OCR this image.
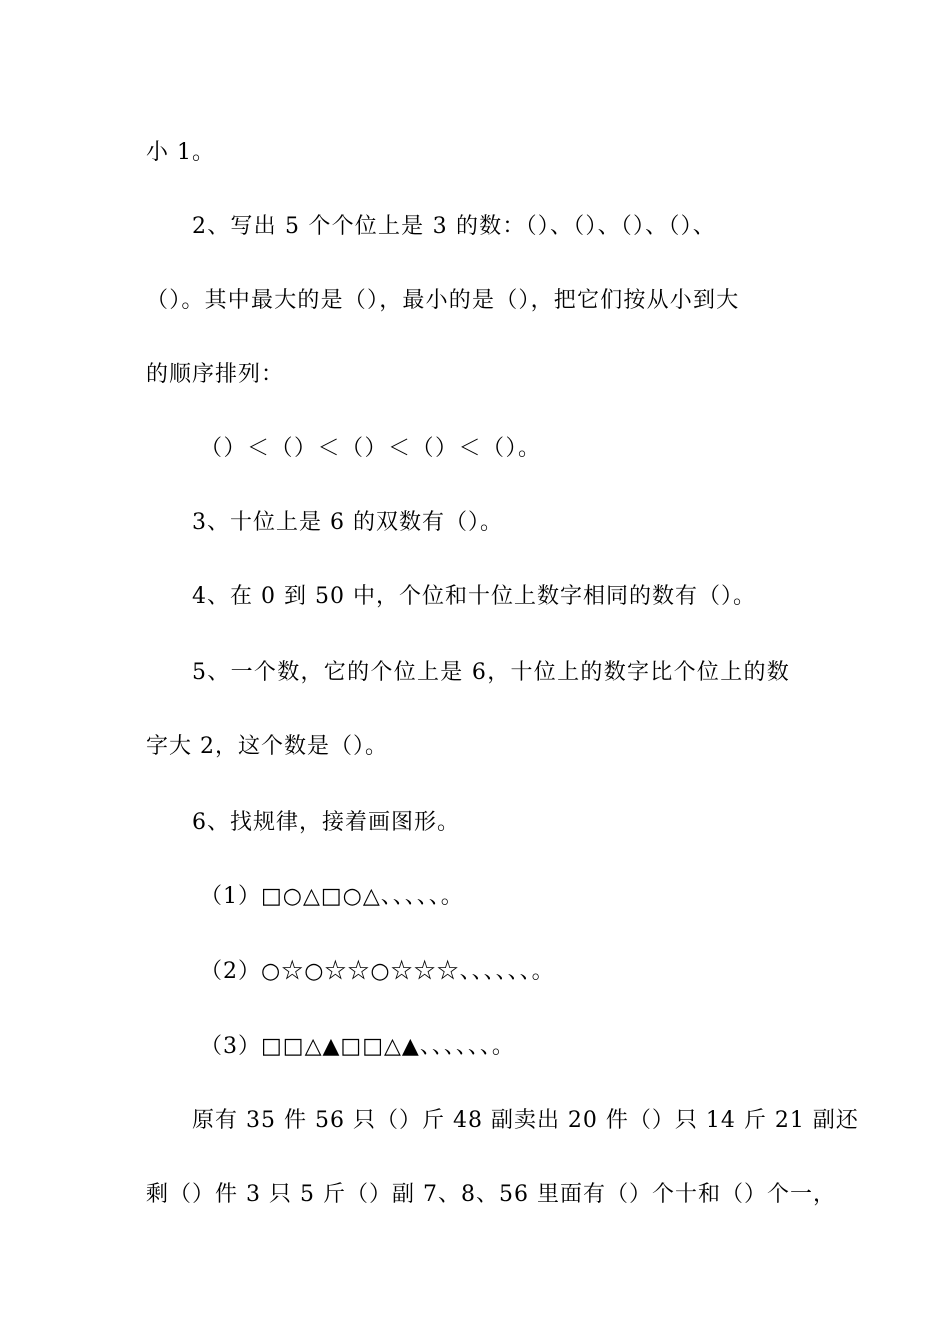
小 1。
2、写出 5 个个位上是 3 的数：（）、（）、（）、（）、
（）。其中最大的是（），最小的是（），把它们按从小到大
的顺序排列：
（）＜（）＜（）＜（）＜（）。
3、十位上是 6 的双数有（）。
4、在 0 到 50 中，个位和十位上数字相同的数有（）。
5、一个数，它的个位上是 6，十位上的数字比个位上的数
字大 2，这个数是（）。
6、找规律，接着画图形。
（1）□○△□○△、、、、、。
（2）○☆○☆☆○☆☆☆、、、、、、。
（3）□□△▲□□△▲、、、、、、。
原有 35 件 56 只（）斤 48 副卖出 20 件（）只 14 斤 21 副还
剩（）件 3 只 5 斤（）副 7、8、56 里面有（）个十和（）个一，
